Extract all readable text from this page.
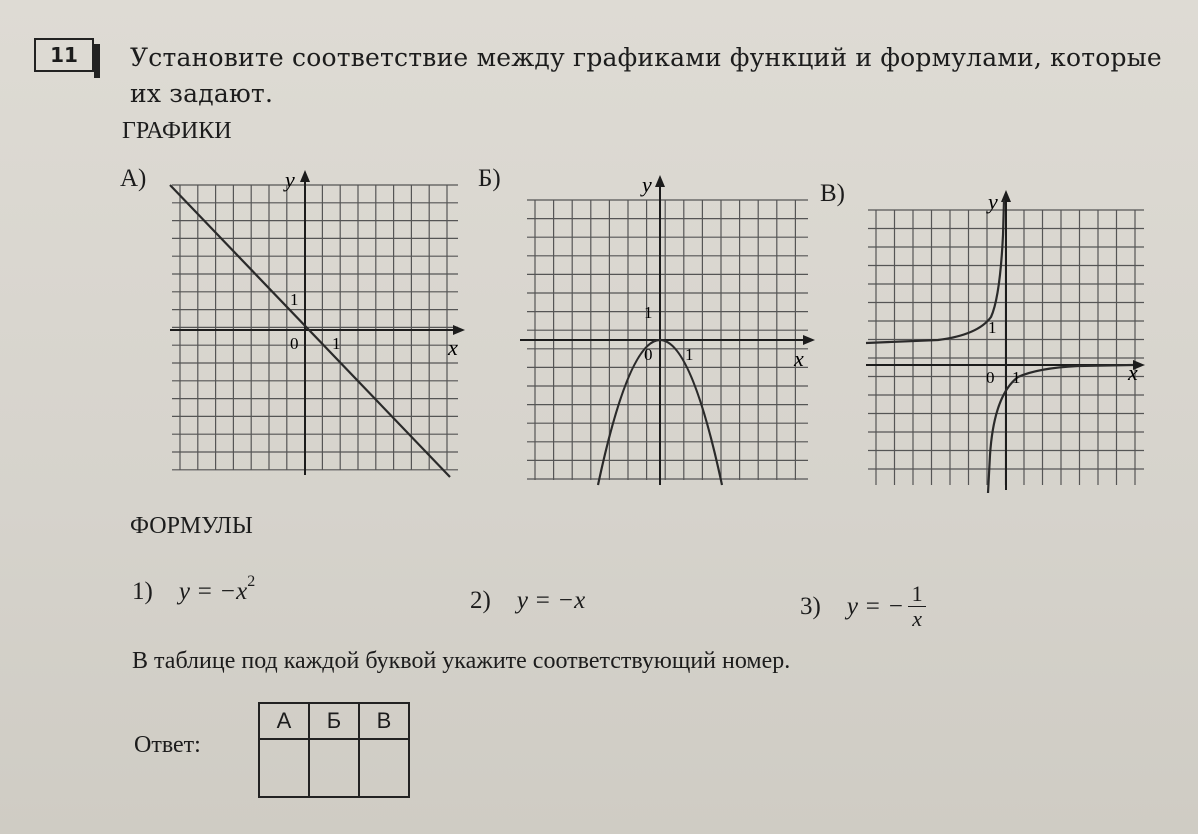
11	Установите соответствие между графиками функций и формулами, которые их задают.
ГРАФИКИ
А)	y
x
0 1
1
Б)	y
x
0 1
1
В)	y
x
0 1
1
ФОРМУЛЫ
1) $y = -x^2$
2) y = −x	3) y = − $\frac{1}{x}$
В таблице под каждой буквой укажите соответствующий номер.
Ответ:
А	Б	В
